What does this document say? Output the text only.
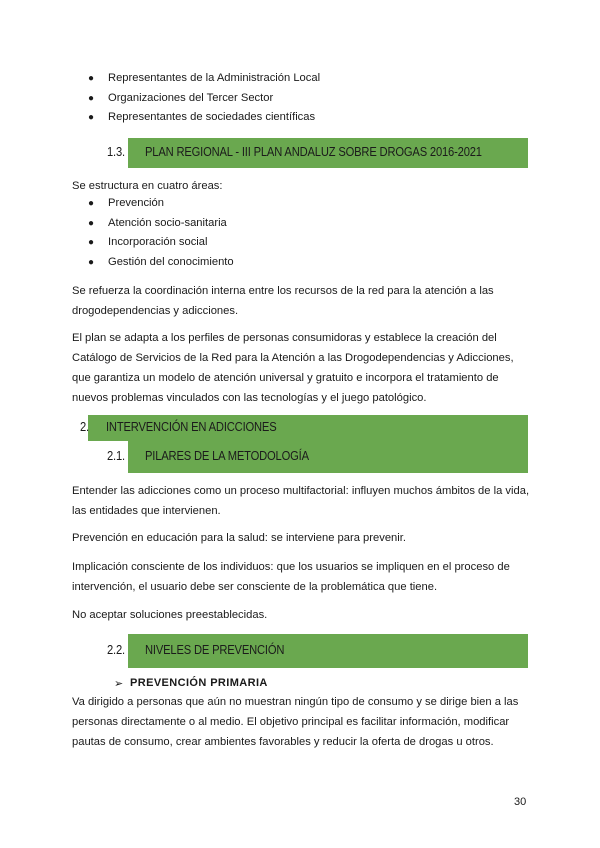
● Representantes de la Administración Local
● Organizaciones del Tercer Sector
● Representantes de sociedades científicas
1.3. PLAN REGIONAL - III PLAN ANDALUZ SOBRE DROGAS 2016-2021

Se estructura en cuatro áreas:

● Prevención
● Atención socio-sanitaria
● Incorporación social
● Gestión del conocimiento

Se refuerza la coordinación interna entre los recursos de la red para la atención a las drogodependencias y adicciones.

El plan se adapta a los perfiles de personas consumidoras y establece la creación del Catálogo de Servicios de la Red para la Atención a las Drogodependencias y Adicciones, que garantiza un modelo de atención universal y gratuito e incorpora el tratamiento de nuevos problemas vinculados con las tecnologías y el juego patológico.

2. INTERVENCIÓN EN ADICCIONES
2.1. PILARES DE LA METODOLOGÍA

Entender las adicciones como un proceso multifactorial: influyen muchos ámbitos de la vida, las entidades que intervienen.

Prevención en educación para la salud: se interviene para prevenir.

Implicación consciente de los individuos: que los usuarios se impliquen en el proceso de intervención, el usuario debe ser consciente de la problemática que tiene.

No aceptar soluciones preestablecidas.

2.2. NIVELES DE PREVENCIÓN
➢ PREVENCIÓN PRIMARIA

Va dirigido a personas que aún no muestran ningún tipo de consumo y se dirige bien a las personas directamente o al medio. El objetivo principal es facilitar información, modificar pautas de consumo, crear ambientes favorables y reducir la oferta de drogas u otros.

30
